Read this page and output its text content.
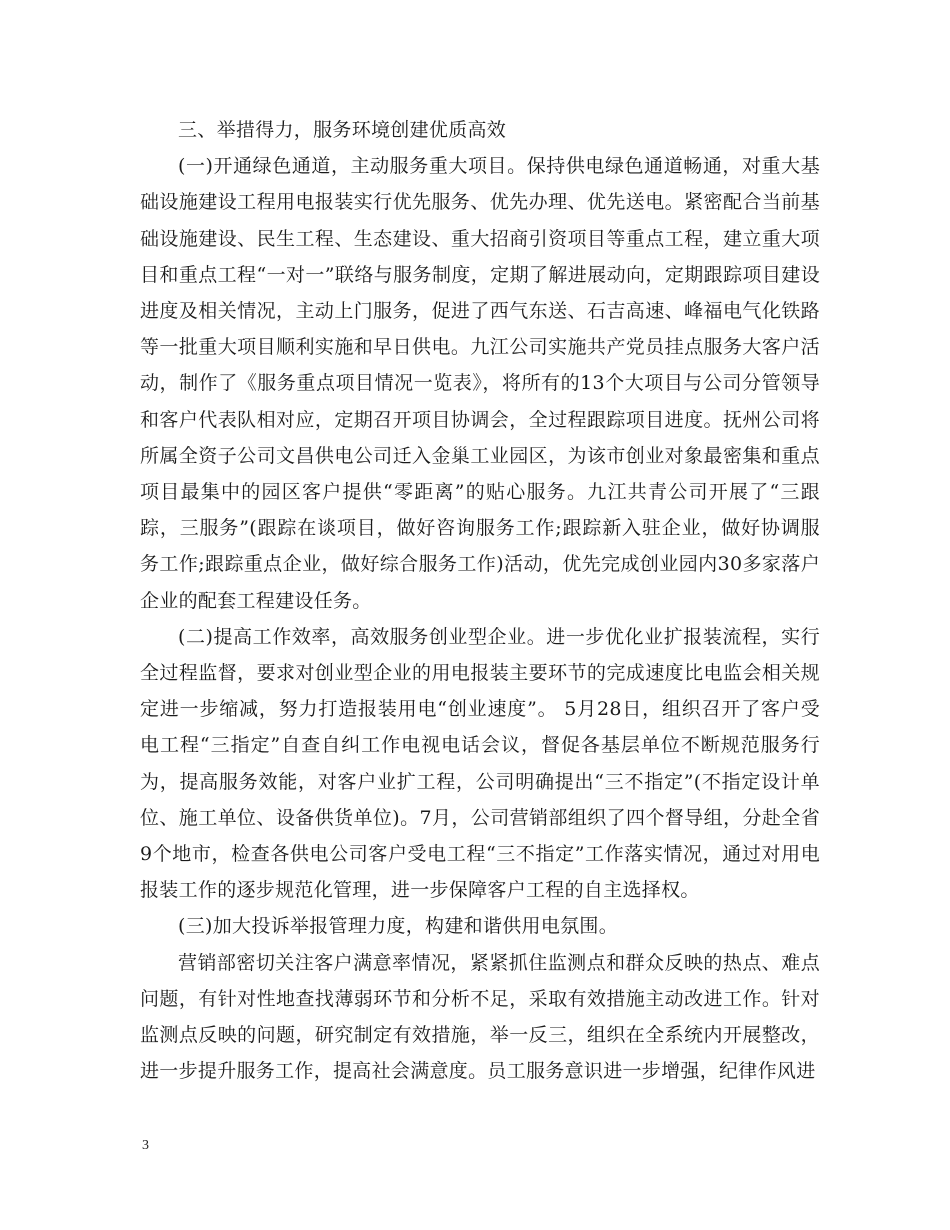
三、举措得力，服务环境创建优质高效

(一)开通绿色通道，主动服务重大项目。保持供电绿色通道畅通，对重大基础设施建设工程用电报装实行优先服务、优先办理、优先送电。紧密配合当前基础设施建设、民生工程、生态建设、重大招商引资项目等重点工程，建立重大项目和重点工程“一对一”联络与服务制度，定期了解进展动向，定期跟踪项目建设进度及相关情况，主动上门服务，促进了西气东送、石吉高速、峰福电气化铁路等一批重大项目顺利实施和早日供电。九江公司实施共产党员挂点服务大客户活动，制作了《服务重点项目情况一览表》，将所有的13个大项目与公司分管领导和客户代表队相对应，定期召开项目协调会，全过程跟踪项目进度。抚州公司将所属全资子公司文昌供电公司迁入金巢工业园区，为该市创业对象最密集和重点项目最集中的园区客户提供“零距离”的贴心服务。九江共青公司开展了“三跟踪，三服务”(跟踪在谈项目，做好咨询服务工作;跟踪新入驻企业，做好协调服务工作;跟踪重点企业，做好综合服务工作)活动，优先完成创业园内30多家落户企业的配套工程建设任务。

(二)提高工作效率，高效服务创业型企业。进一步优化业扩报装流程，实行全过程监督，要求对创业型企业的用电报装主要环节的完成速度比电监会相关规定进一步缩减，努力打造报装用电“创业速度”。 5月28日，组织召开了客户受电工程“三指定”自查自纠工作电视电话会议，督促各基层单位不断规范服务行为，提高服务效能，对客户业扩工程，公司明确提出“三不指定”(不指定设计单位、施工单位、设备供货单位)。7月，公司营销部组织了四个督导组，分赴全省9个地市，检查各供电公司客户受电工程“三不指定”工作落实情况，通过对用电报装工作的逐步规范化管理，进一步保障客户工程的自主选择权。

(三)加大投诉举报管理力度，构建和谐供用电氛围。

营销部密切关注客户满意率情况，紧紧抓住监测点和群众反映的热点、难点问题，有针对性地查找薄弱环节和分析不足，采取有效措施主动改进工作。针对监测点反映的问题，研究制定有效措施，举一反三，组织在全系统内开展整改，进一步提升服务工作，提高社会满意度。员工服务意识进一步增强，纪律作风进

3
